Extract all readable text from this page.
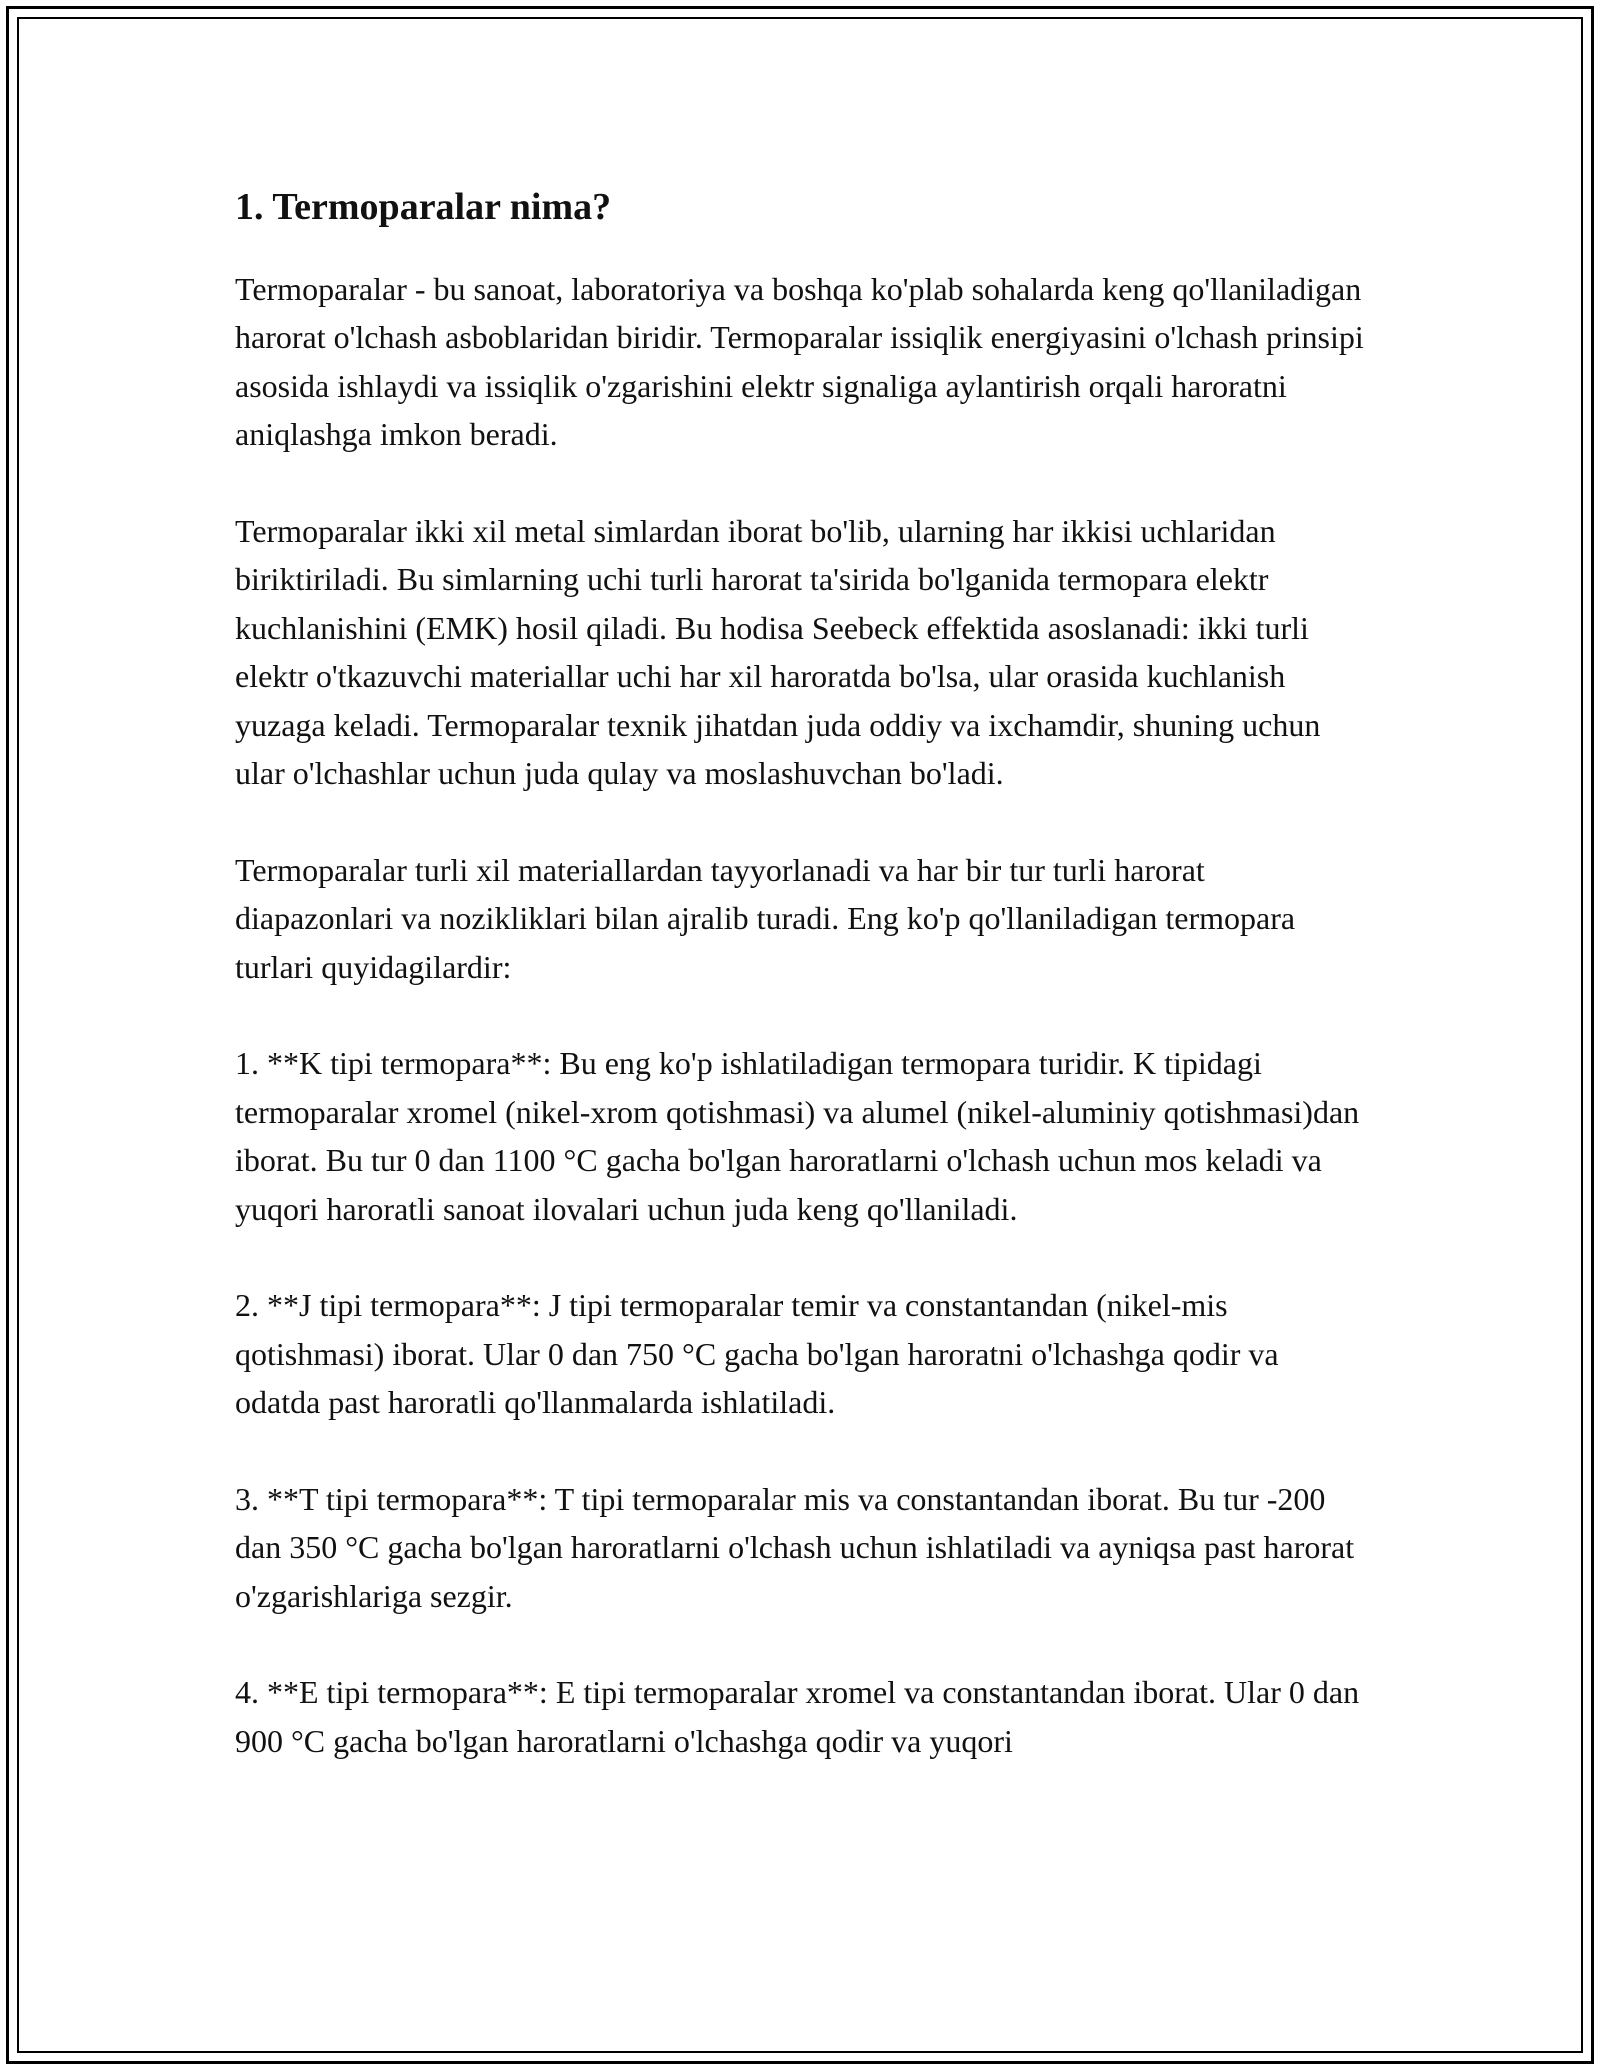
1. Termoparalar nima?

Termoparalar - bu sanoat, laboratoriya va boshqa ko'plab sohalarda keng qo'llaniladigan harorat o'lchash asboblaridan biridir. Termoparalar issiqlik energiyasini o'lchash prinsipi asosida ishlaydi va issiqlik o'zgarishini elektr signaliga aylantirish orqali haroratni aniqlashga imkon beradi.

Termoparalar ikki xil metal simlardan iborat bo'lib, ularning har ikkisi uchlaridan biriktiriladi. Bu simlarning uchi turli harorat ta'sirida bo'lganida termopara elektr kuchlanishini (EMK) hosil qiladi. Bu hodisa Seebeck effektida asoslanadi: ikki turli elektr o'tkazuvchi materiallar uchi har xil haroratda bo'lsa, ular orasida kuchlanish yuzaga keladi. Termoparalar texnik jihatdan juda oddiy va ixchamdir, shuning uchun ular o'lchashlar uchun juda qulay va moslashuvchan bo'ladi.

Termoparalar turli xil materiallardan tayyorlanadi va har bir tur turli harorat diapazonlari va nozikliklari bilan ajralib turadi. Eng ko'p qo'llaniladigan termopara turlari quyidagilardir:

1. **K tipi termopara**: Bu eng ko'p ishlatiladigan termopara turidir. K tipidagi termoparalar xromel (nikel-xrom qotishmasi) va alumel (nikel-aluminiy qotishmasi)dan iborat. Bu tur 0 dan 1100 °C gacha bo'lgan haroratlarni o'lchash uchun mos keladi va yuqori haroratli sanoat ilovalari uchun juda keng qo'llaniladi.

2. **J tipi termopara**: J tipi termoparalar temir va constantandan (nikel-mis qotishmasi) iborat. Ular 0 dan 750 °C gacha bo'lgan haroratni o'lchashga qodir va odatda past haroratli qo'llanmalarda ishlatiladi.

3. **T tipi termopara**: T tipi termoparalar mis va constantandan iborat. Bu tur -200 dan 350 °C gacha bo'lgan haroratlarni o'lchash uchun ishlatiladi va ayniqsa past harorat o'zgarishlariga sezgir.

4. **E tipi termopara**: E tipi termoparalar xromel va constantandan iborat. Ular 0 dan 900 °C gacha bo'lgan haroratlarni o'lchashga qodir va yuqori
